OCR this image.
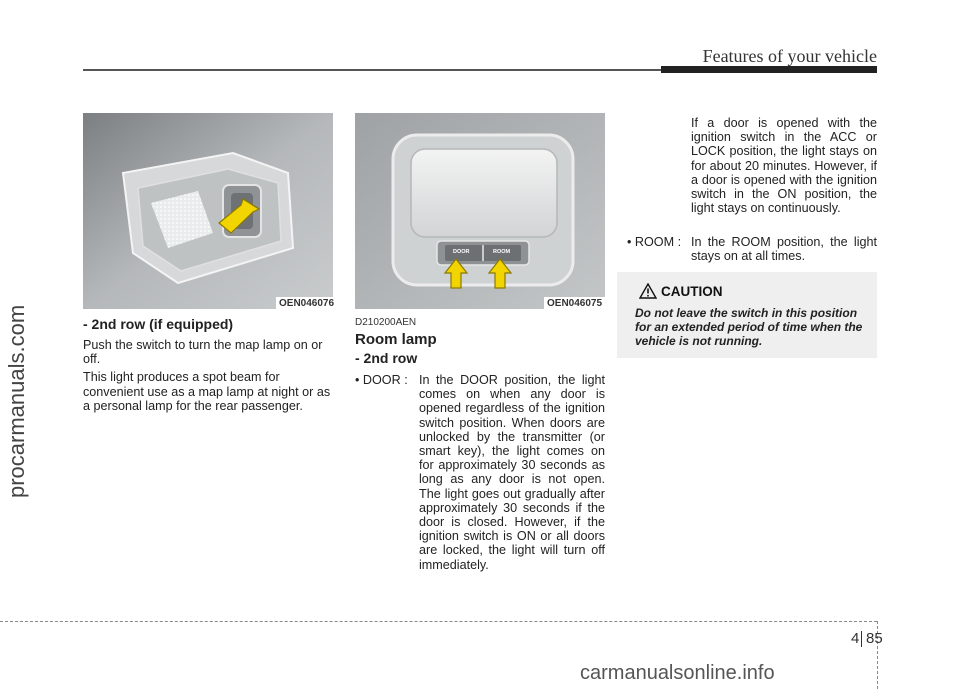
Features of your vehicle
procarmanuals.com
OEN046076
DOOR	ROOM
OEN046075
- 2nd row (if equipped)

Push the switch to turn the map lamp on or off.

This light produces a spot beam for convenient use as a map lamp at night or as a personal lamp for the rear passenger.

D210200AEN
Room lamp
- 2nd row
• DOOR : In the DOOR position, the light comes on when any door is opened regardless of the ignition switch position. When doors are unlocked by the transmitter (or smart key), the light comes on for approximately 30 seconds as long as any door is not open. The light goes out gradually after approximately 30 seconds if the door is closed. However, if the ignition switch is ON or all doors are locked, the light will turn off immediately.
If a door is opened with the ignition switch in the ACC or LOCK position, the light stays on for about 20 minutes. However, if a door is opened with the ignition switch in the ON position, the light stays on continuously.
• ROOM : In the ROOM position, the light stays on at all times.
CAUTION
Do not leave the switch in this position for an extended period of time when the vehicle is not running.
4 85
carmanualsonline.info
